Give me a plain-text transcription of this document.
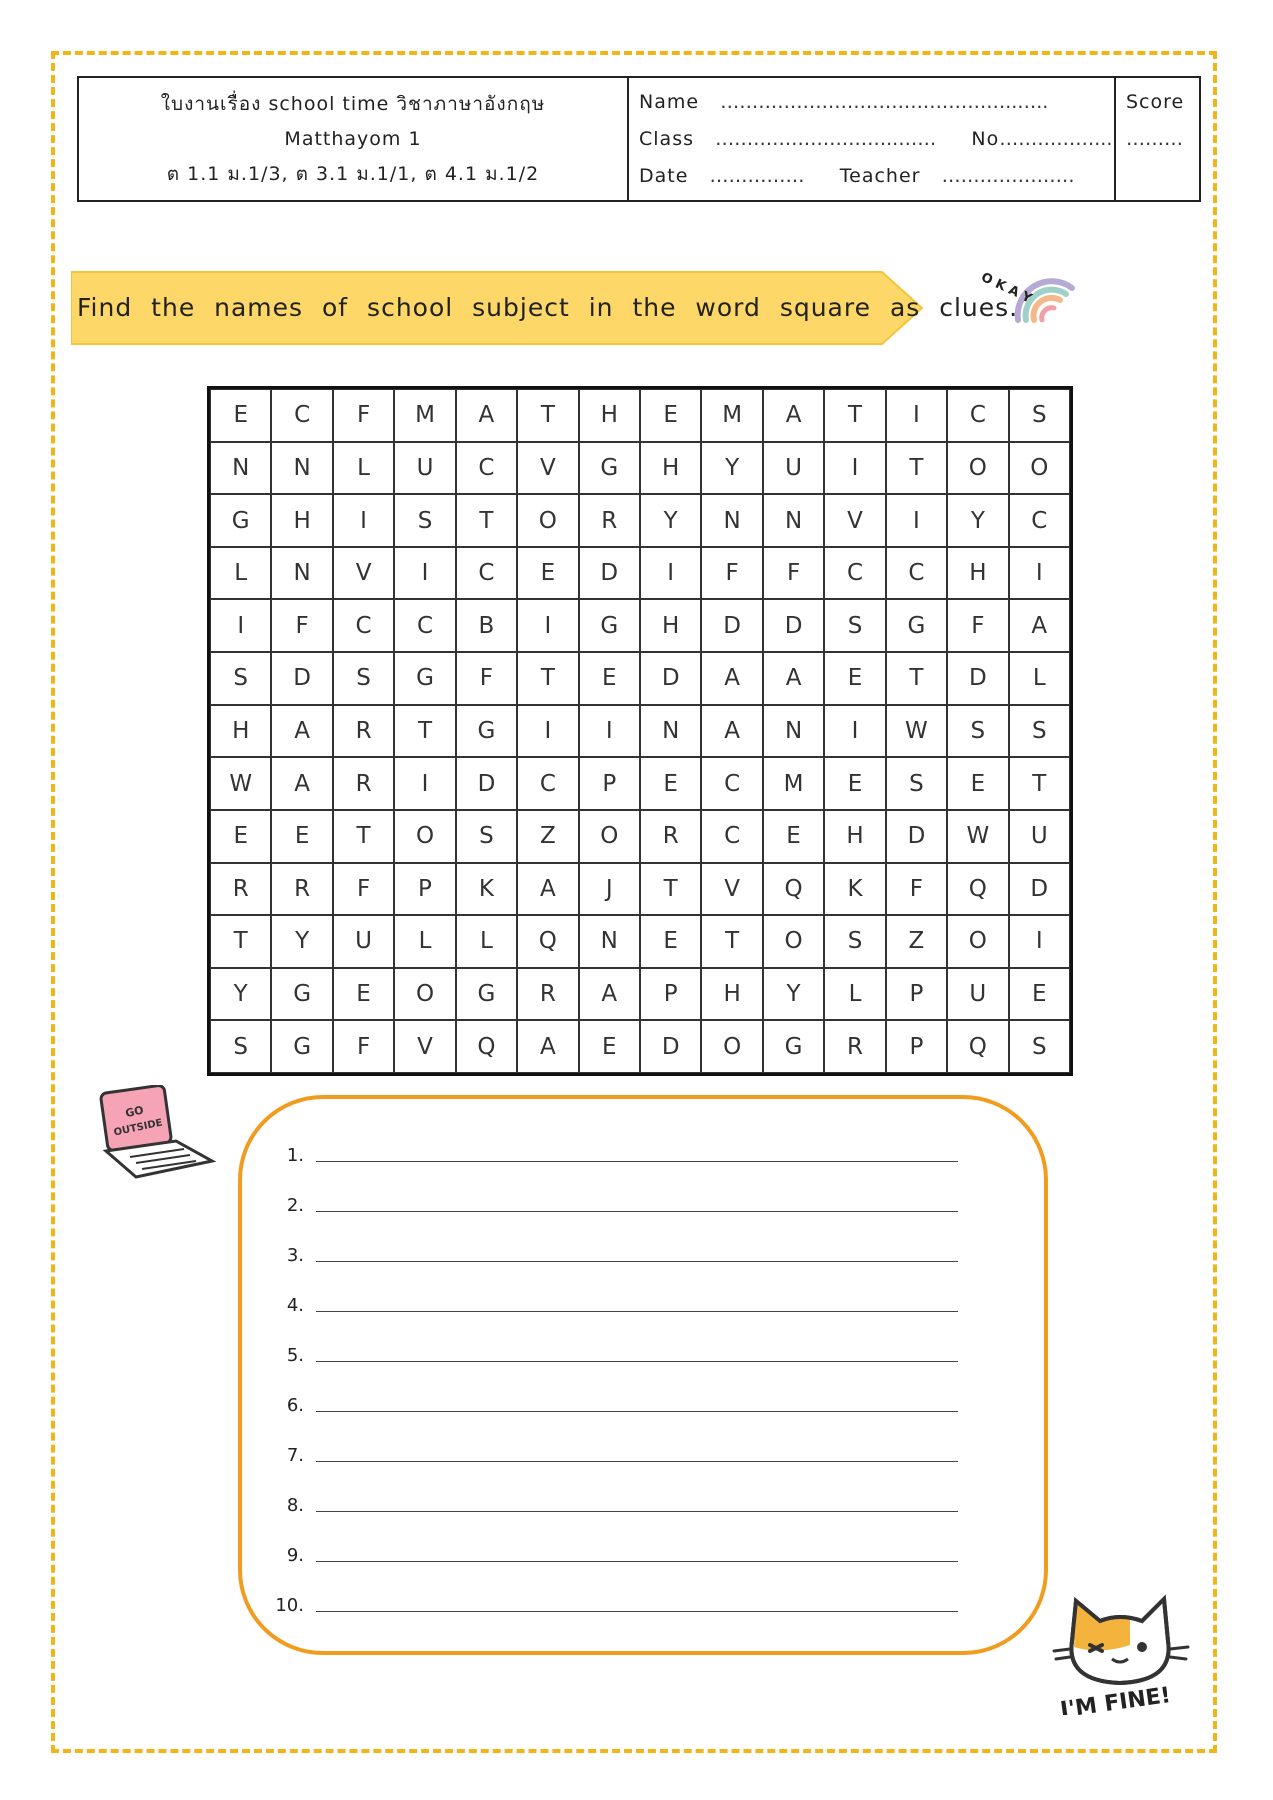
ใบงานเรื่อง school time วิชาภาษาอังกฤษ
Matthayom 1
ต 1.1 ม.1/3, ต 3.1 ม.1/1, ต 4.1 ม.1/2
Name ………………………………………..…..
Class ………………………..…… No……………...
Date …………… Teacher …………………
Score
………

Find the names of school subject in the word square as clues.
O K A Y
E	C	F	M	A	T	H	E	M	A	T	I	C	S
N	N	L	U	C	V	G	H	Y	U	I	T	O	O
G	H	I	S	T	O	R	Y	N	N	V	I	Y	C
L	N	V	I	C	E	D	I	F	F	C	C	H	I
I	F	C	C	B	I	G	H	D	D	S	G	F	A
S	D	S	G	F	T	E	D	A	A	E	T	D	L
H	A	R	T	G	I	I	N	A	N	I	W	S	S
W	A	R	I	D	C	P	E	C	M	E	S	E	T
E	E	T	O	S	Z	O	R	C	E	H	D	W	U
R	R	F	P	K	A	J	T	V	Q	K	F	Q	D
T	Y	U	L	L	Q	N	E	T	O	S	Z	O	I
Y	G	E	O	G	R	A	P	H	Y	L	P	U	E
S	G	F	V	Q	A	E	D	O	G	R	P	Q	S
GO
OUTSIDE
1.
2.
3.
4.
5.
6.
7.
8.
9.
10.
I'M FINE!
